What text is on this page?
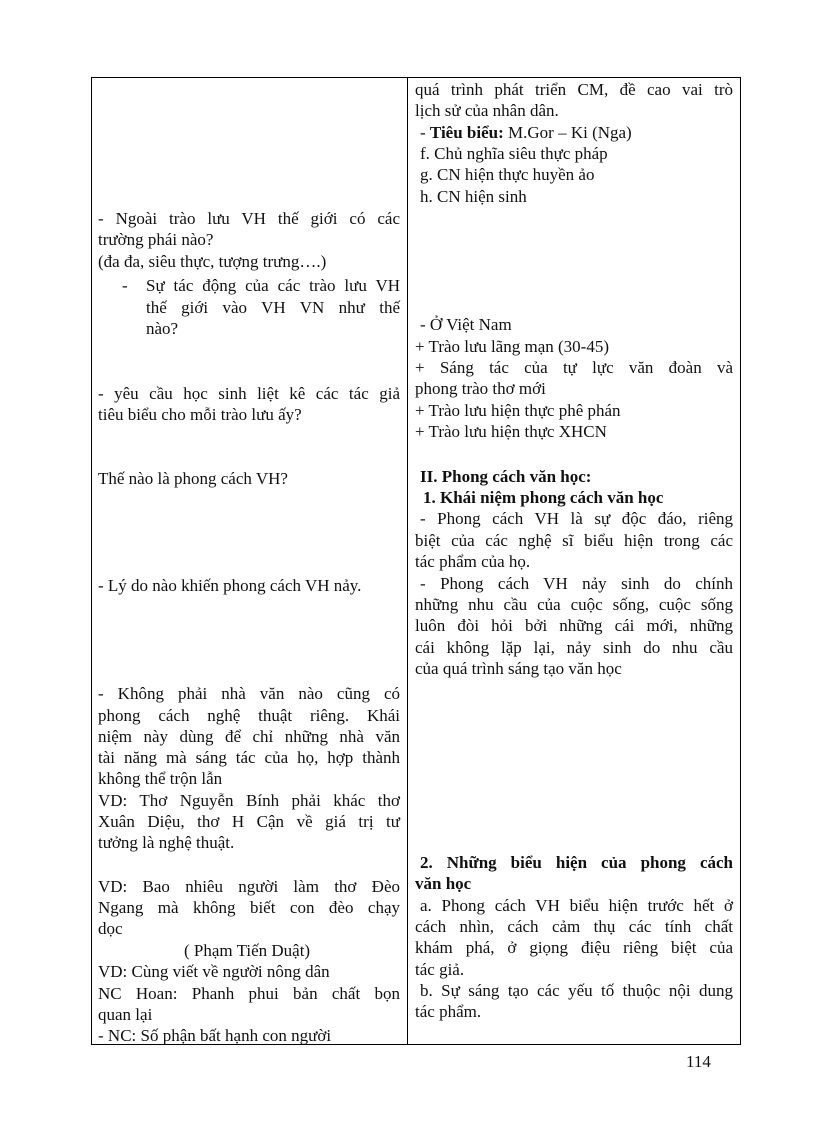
- Ngoài trào lưu VH thế giới có các

trường phái nào?

(đa đa, siêu thực, tượng trưng….)

- Sự tác động của các trào lưu VH

thế giới vào VH VN như thế

nào?

- yêu cầu học sinh liệt kê các tác giả

tiêu biểu cho mỗi trào lưu ấy?

Thế nào là phong cách VH?

- Lý do nào khiến phong cách VH nảy.

- Không phải nhà văn nào cũng có

phong cách nghệ thuật riêng. Khái

niệm này dùng để chỉ những nhà văn

tài năng mà sáng tác của họ, hợp thành

không thể trộn lẫn

VD: Thơ Nguyễn Bính phải khác thơ

Xuân Diệu, thơ H Cận về giá trị tư

tưởng là nghệ thuật.

VD: Bao nhiêu người làm thơ Đèo

Ngang mà không biết con đèo chạy

dọc

( Phạm Tiến Duật)

VD: Cùng viết về người nông dân

NC Hoan: Phanh phui bản chất bọn

quan lại

- NC: Số phận bất hạnh con người

quá trình phát triển CM, đề cao vai trò

lịch sử của nhân dân.

- Tiêu biểu: M.Gor – Ki (Nga)

f. Chủ nghĩa siêu thực pháp

g. CN hiện thực huyền ảo

h. CN hiện sinh

- Ở Việt Nam

+ Trào lưu lãng mạn (30-45)

+ Sáng tác của tự lực văn đoàn và

phong trào thơ mới

+ Trào lưu hiện thực phê phán

+ Trào lưu hiện thực XHCN

II. Phong cách văn học:

1. Khái niệm phong cách văn học

- Phong cách VH là sự độc đáo, riêng

biệt của các nghệ sĩ biểu hiện trong các

tác phẩm của họ.

- Phong cách VH nảy sinh do chính

những nhu cầu của cuộc sống, cuộc sống

luôn đòi hỏi bởi những cái mới, những

cái không lặp lại, nảy sinh do nhu cầu

của quá trình sáng tạo văn học

2. Những biểu hiện của phong cách

văn học

a. Phong cách VH biểu hiện trước hết ở

cách nhìn, cách cảm thụ các tính chất

khám phá, ở giọng điệu riêng biệt của

tác giả.

b. Sự sáng tạo các yếu tố thuộc nội dung

tác phẩm.

114
